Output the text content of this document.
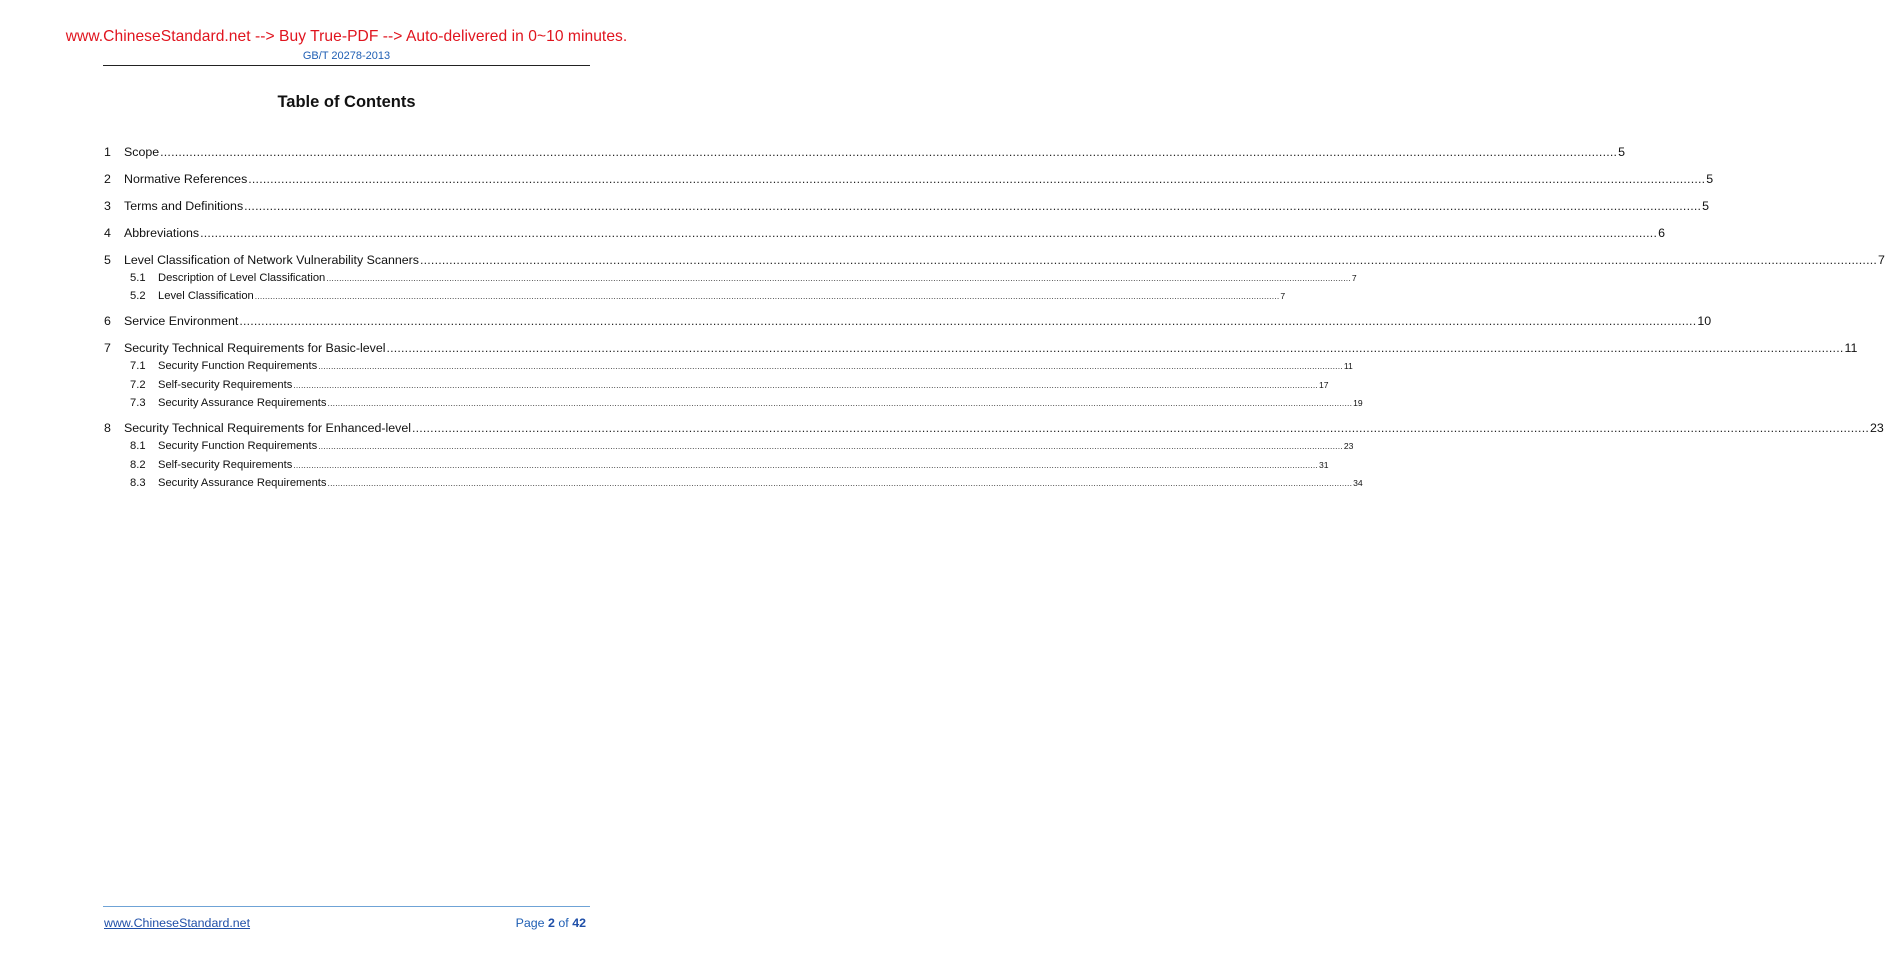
www.ChineseStandard.net --> Buy True-PDF --> Auto-delivered in 0~10 minutes.
GB/T 20278-2013
Table of Contents
1	Scope ................................................................................................................................................................................................................................................................................................................................................................................................................ 5
2	Normative References ................................................................................................................................................................................................................................................................................................................................................................................................................ 5
3	Terms and Definitions ................................................................................................................................................................................................................................................................................................................................................................................................................ 5
4	Abbreviations ................................................................................................................................................................................................................................................................................................................................................................................................................ 6
5	Level Classification of Network Vulnerability Scanners ................................................................................................................................................................................................................................................................................................................................................................................................................ 7
5.1	Description of Level Classification ................................................................................................................................................................................................................................................................................................................................................................................................................ 7
5.2	Level Classification ................................................................................................................................................................................................................................................................................................................................................................................................................ 7
6	Service Environment ................................................................................................................................................................................................................................................................................................................................................................................................................ 10
7	Security Technical Requirements for Basic-level ................................................................................................................................................................................................................................................................................................................................................................................................................ 11
7.1	Security Function Requirements ................................................................................................................................................................................................................................................................................................................................................................................................................ 11
7.2	Self-security Requirements ................................................................................................................................................................................................................................................................................................................................................................................................................ 17
7.3	Security Assurance Requirements ................................................................................................................................................................................................................................................................................................................................................................................................................ 19
8	Security Technical Requirements for Enhanced-level ................................................................................................................................................................................................................................................................................................................................................................................................................ 23
8.1	Security Function Requirements ................................................................................................................................................................................................................................................................................................................................................................................................................ 23
8.2	Self-security Requirements ................................................................................................................................................................................................................................................................................................................................................................................................................ 31
8.3	Security Assurance Requirements ................................................................................................................................................................................................................................................................................................................................................................................................................ 34
www.ChineseStandard.net	Page 2 of 42
